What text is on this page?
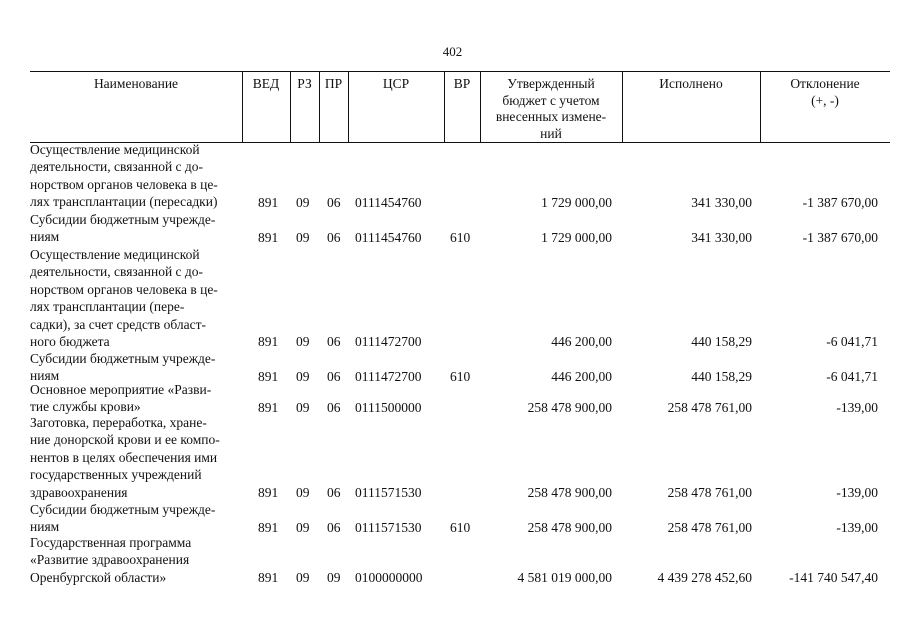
402
Наименование	ВЕД	РЗ ПР	ЦСР	ВР	Утвержденный
бюджет с учетом
внесенных измене-
ний
Исполнено	Отклонение
(+, -)
Осуществление медицинской
деятельности, связанной с до-
норством органов человека в це-
лях трансплантации (пересадки)	891 09 06 0111454760	1 729 000,00	341 330,00	-1 387 670,00
Субсидии бюджетным учрежде-
ниям	891 09 06 0111454760 610	1 729 000,00	341 330,00	-1 387 670,00
Осуществление медицинской
деятельности, связанной с до-
норством органов человека в це-
лях трансплантации (пере-
садки), за счет средств област-
ного бюджета	891 09 06 0111472700	446 200,00	440 158,29	-6 041,71
Субсидии бюджетным учрежде-
ниям	891 09 06 0111472700 610	446 200,00	440 158,29	-6 041,71
Основное мероприятие «Разви-
тие службы крови»	891 09 06 0111500000	258 478 900,00	258 478 761,00	-139,00
Заготовка, переработка, хране-
ние донорской крови и ее компо-
нентов в целях обеспечения ими
государственных учреждений
здравоохранения	891 09 06 0111571530	258 478 900,00	258 478 761,00	-139,00
Субсидии бюджетным учрежде-
ниям	891 09 06 0111571530 610	258 478 900,00	258 478 761,00	-139,00
Государственная программа
«Развитие здравоохранения
Оренбургской области»	891 09 09 0100000000	4 581 019 000,00	4 439 278 452,60	-141 740 547,40
